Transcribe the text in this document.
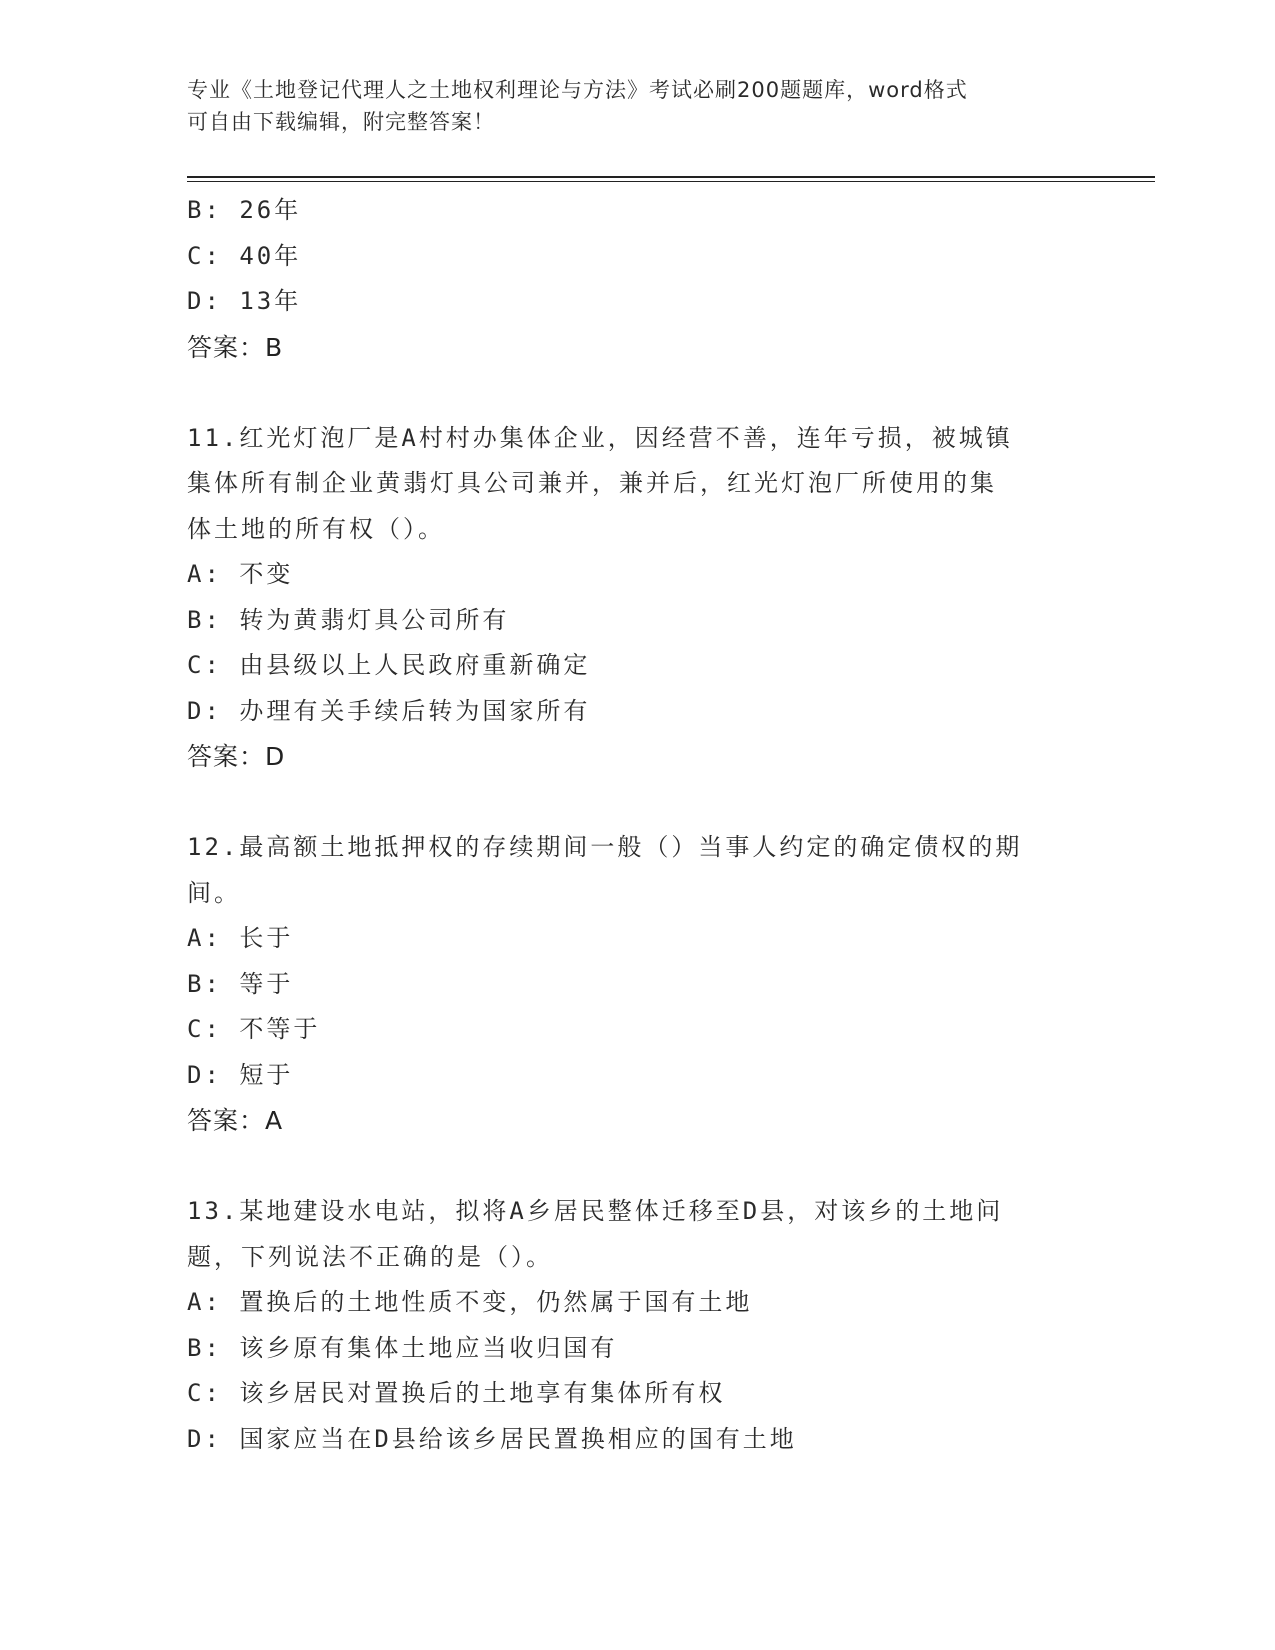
专业《土地登记代理人之土地权利理论与方法》考试必刷200题题库，word格式
可自由下载编辑，附完整答案！
B: 26年
C: 40年
D: 13年
答案：B
11.红光灯泡厂是A村村办集体企业，因经营不善，连年亏损，被城镇
集体所有制企业黄翡灯具公司兼并，兼并后，红光灯泡厂所使用的集
体土地的所有权（）。
A: 不变
B: 转为黄翡灯具公司所有
C: 由县级以上人民政府重新确定
D: 办理有关手续后转为国家所有
答案：D
12.最高额土地抵押权的存续期间一般（）当事人约定的确定债权的期
间。
A: 长于
B: 等于
C: 不等于
D: 短于
答案：A
13.某地建设水电站，拟将A乡居民整体迁移至D县，对该乡的土地问
题，下列说法不正确的是（）。
A: 置换后的土地性质不变，仍然属于国有土地
B: 该乡原有集体土地应当收归国有
C: 该乡居民对置换后的土地享有集体所有权
D: 国家应当在D县给该乡居民置换相应的国有土地
